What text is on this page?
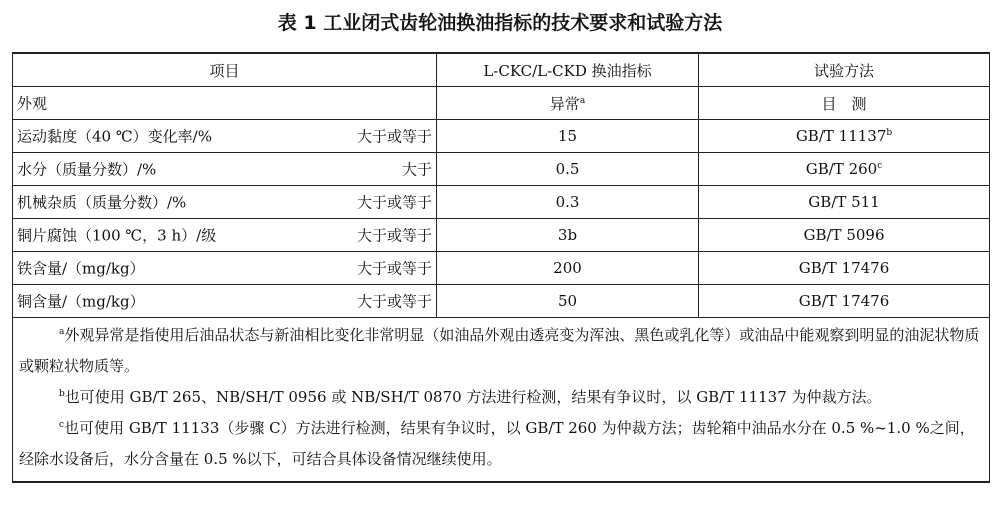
表 1 工业闭式齿轮油换油指标的技术要求和试验方法
项目	L-CKC/L-CKD 换油指标	试验方法

外观	异常$^a$	目　测

运动黏度（40 ℃）变化率/% 大于或等于	15	GB/T 11137$^b$

水分（质量分数）/% 大于	0.5	GB/T 260$^c$

机械杂质（质量分数）/% 大于或等于	0.3	GB/T 511

铜片腐蚀（100 ℃，3 h）/级 大于或等于	3b	GB/T 5096

铁含量/（mg/kg） 大于或等于	200	GB/T 17476

铜含量/（mg/kg） 大于或等于	50	GB/T 17476

$^a$外观异常是指使用后油品状态与新油相比变化非常明显（如油品外观由透亮变为浑浊、黑色或乳化等）或油品中能观察到明显的油泥状物质或颗粒状物质等。

$^b$也可使用 GB/T 265、NB/SH/T 0956 或 NB/SH/T 0870 方法进行检测，结果有争议时，以 GB/T 11137 为仲裁方法。

$^c$也可使用 GB/T 11133（步骤 C）方法进行检测，结果有争议时，以 GB/T 260 为仲裁方法；齿轮箱中油品水分在 0.5 %~1.0 %之间，经除水设备后，水分含量在 0.5 %以下，可结合具体设备情况继续使用。		
